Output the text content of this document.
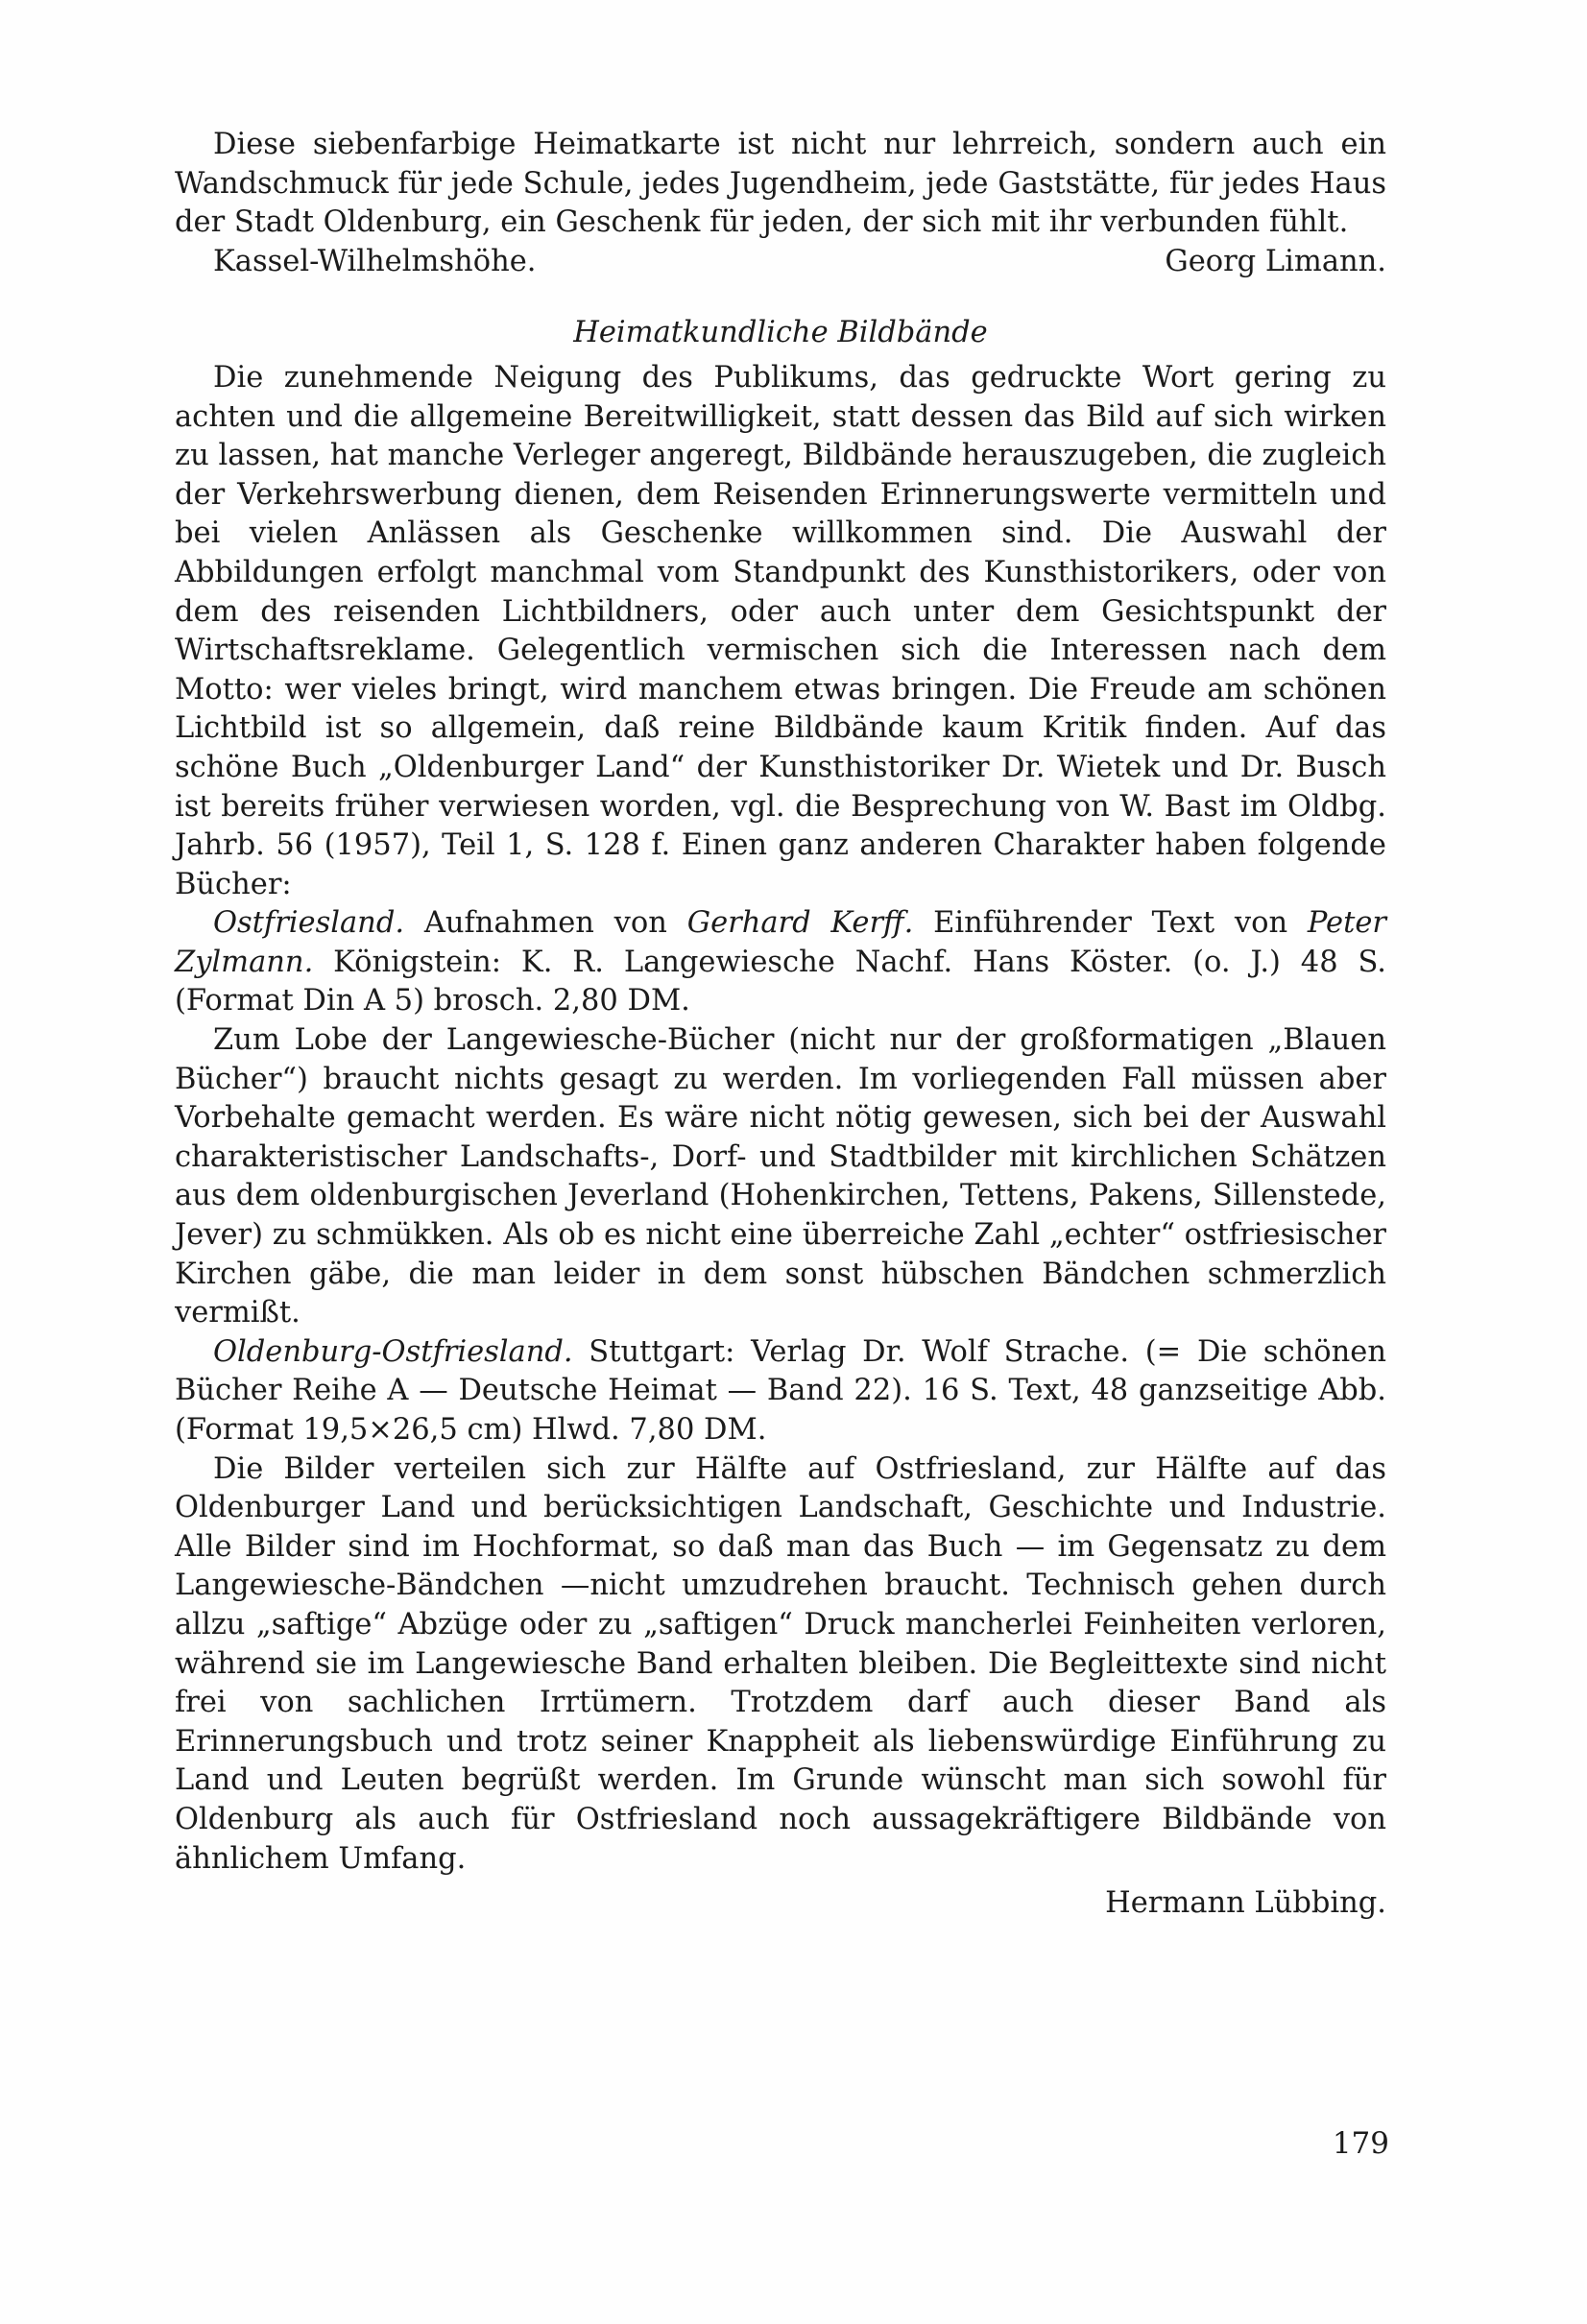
Diese siebenfarbige Heimatkarte ist nicht nur lehrreich, sondern auch ein Wandschmuck für jede Schule, jedes Jugendheim, jede Gaststätte, für jedes Haus der Stadt Oldenburg, ein Geschenk für jeden, der sich mit ihr verbunden fühlt.

Kassel-Wilhelmshöhe.	Georg Limann.
Heimatkundliche Bildbände

Die zunehmende Neigung des Publikums, das gedruckte Wort gering zu achten und die allgemeine Bereitwilligkeit, statt dessen das Bild auf sich wirken zu lassen, hat manche Verleger angeregt, Bildbände herauszugeben, die zugleich der Verkehrswerbung dienen, dem Reisenden Erinnerungswerte vermitteln und bei vielen Anlässen als Geschenke willkommen sind. Die Auswahl der Abbildungen erfolgt manchmal vom Standpunkt des Kunsthistorikers, oder von dem des reisenden Lichtbildners, oder auch unter dem Gesichtspunkt der Wirtschaftsreklame. Gelegentlich vermischen sich die Interessen nach dem Motto: wer vieles bringt, wird manchem etwas bringen. Die Freude am schönen Lichtbild ist so allgemein, daß reine Bildbände kaum Kritik finden. Auf das schöne Buch „Oldenburger Land“ der Kunsthistoriker Dr. Wietek und Dr. Busch ist bereits früher verwiesen worden, vgl. die Besprechung von W. Bast im Oldbg. Jahrb. 56 (1957), Teil 1, S. 128 f. Einen ganz anderen Charakter haben folgende Bücher:

Ostfriesland. Aufnahmen von Gerhard Kerff. Einführender Text von Peter Zylmann. Königstein: K. R. Langewiesche Nachf. Hans Köster. (o. J.) 48 S. (Format Din A 5) brosch. 2,80 DM.

Zum Lobe der Langewiesche-Bücher (nicht nur der großformatigen „Blauen Bücher“) braucht nichts gesagt zu werden. Im vorliegenden Fall müssen aber Vorbehalte gemacht werden. Es wäre nicht nötig gewesen, sich bei der Auswahl charakteristischer Landschafts-, Dorf- und Stadtbilder mit kirchlichen Schätzen aus dem oldenburgischen Jeverland (Hohenkirchen, Tettens, Pakens, Sillenstede, Jever) zu schmükken. Als ob es nicht eine überreiche Zahl „echter“ ostfriesischer Kirchen gäbe, die man leider in dem sonst hübschen Bändchen schmerzlich vermißt.

Oldenburg-Ostfriesland. Stuttgart: Verlag Dr. Wolf Strache. (= Die schönen Bücher Reihe A — Deutsche Heimat — Band 22). 16 S. Text, 48 ganzseitige Abb. (Format 19,5×26,5 cm) Hlwd. 7,80 DM.

Die Bilder verteilen sich zur Hälfte auf Ostfriesland, zur Hälfte auf das Oldenburger Land und berücksichtigen Landschaft, Geschichte und Industrie. Alle Bilder sind im Hochformat, so daß man das Buch — im Gegensatz zu dem Langewiesche-Bändchen —nicht umzudrehen braucht. Technisch gehen durch allzu „saftige“ Abzüge oder zu „saftigen“ Druck mancherlei Feinheiten verloren, während sie im Langewiesche Band erhalten bleiben. Die Begleittexte sind nicht frei von sachlichen Irrtümern. Trotzdem darf auch dieser Band als Erinnerungsbuch und trotz seiner Knappheit als liebenswürdige Einführung zu Land und Leuten begrüßt werden. Im Grunde wünscht man sich sowohl für Oldenburg als auch für Ostfriesland noch aussagekräftigere Bildbände von ähnlichem Umfang.

Hermann Lübbing.
179
